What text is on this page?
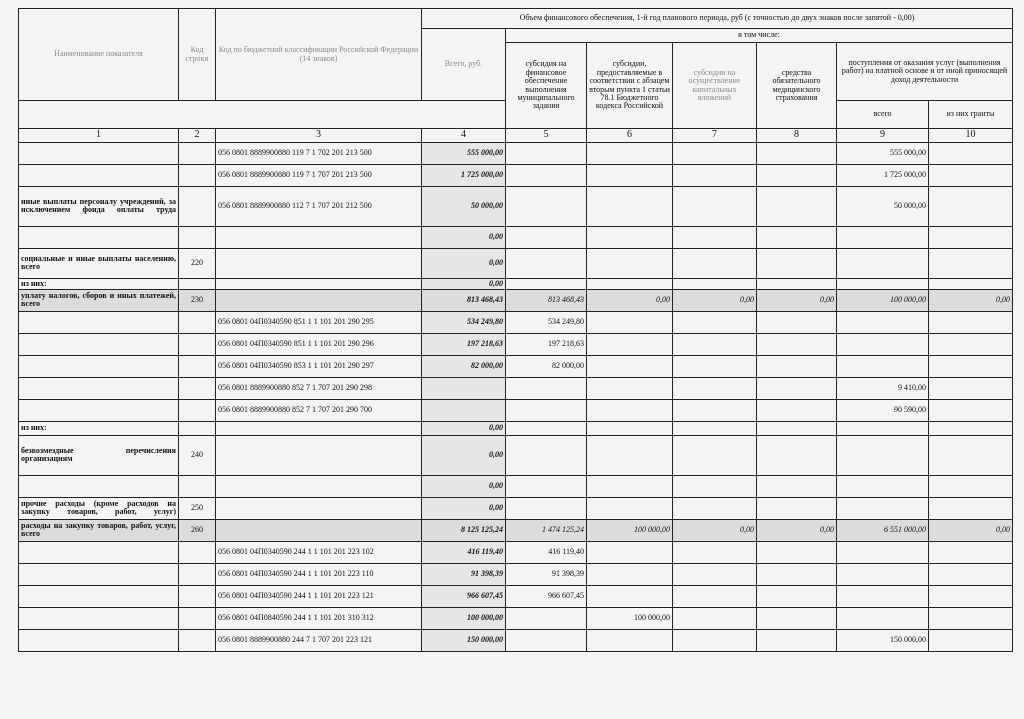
Наименование показателя	Код строки	Код по бюджетной классификации Российской Федерации (14 знаков)	Объем финансового обеспечения, 1-й год планового периода, руб (с точностью до двух знаков после запятой - 0,00)						
			Всего, руб.	в том числе:					
				субсидия на финансовое обеспечение выполнения муниципального задания	субсидии, предоставляемые в соответствии с абзацем вторым пункта 1 статьи 78.1 Бюджетного кодекса Российской	субсидии на осуществление капитальных вложений	средства обязательного медицинского страхования	поступления от оказания услуг (выполнения работ) на платной основе и от иной приносящей доход деятельности	
								всего	из них гранты
1	2	3	4	5	6	7	8	9	10
		056 0801 8889900880 119 7 1 702 201 213 500	555 000,00					555 000,00	
		056 0801 8889900880 119 7 1 707 201 213 500	1 725 000,00					1 725 000,00	
иные выплаты персоналу учреждений, за исключением фонда оплаты труда		056 0801 8889900880 112 7 1 707 201 212 500	50 000,00					50 000,00	
			0,00						
социальные и иные выплаты населению, всего	220		0,00						
из них:			0,00						
уплату налогов, сборов и иных платежей, всего	230		813 468,43	813 468,43	0,00	0,00	0,00	100 000,00	0,00
		056 0801 04П0340590 851 1 1 101 201 290 295	534 249,80	534 249,80					
		056 0801 04П0340590 851 1 1 101 201 290 296	197 218,63	197 218,63					
		056 0801 04П0340590 853 1 1 101 201 290 297	82 000,00	82 000,00					
		056 0801 8889900880 852 7 1 707 201 290 298						9 410,00	
		056 0801 8889900880 852 7 1 707 201 290 700						90 590,00	
из них:			0,00						
безвозмездные перечисления организациям	240		0,00						
			0,00						
прочие расходы (кроме расходов на закупку товаров, работ, услуг)	250		0,00						
расходы на закупку товаров, работ, услуг, всего	260		8 125 125,24	1 474 125,24	100 000,00	0,00	0,00	6 551 000,00	0,00
		056 0801 04П0340590 244 1 1 101 201 223 102	416 119,40	416 119,40					
		056 0801 04П0340590 244 1 1 101 201 223 110	91 398,39	91 398,39					
		056 0801 04П0340590 244 1 1 101 201 223 121	966 607,45	966 607,45					
		056 0801 04П0840590 244 1 1 101 201 310 312	100 000,00		100 000,00				
		056 0801 8889900880 244 7 1 707 201 223 121	150 000,00					150 000,00	
